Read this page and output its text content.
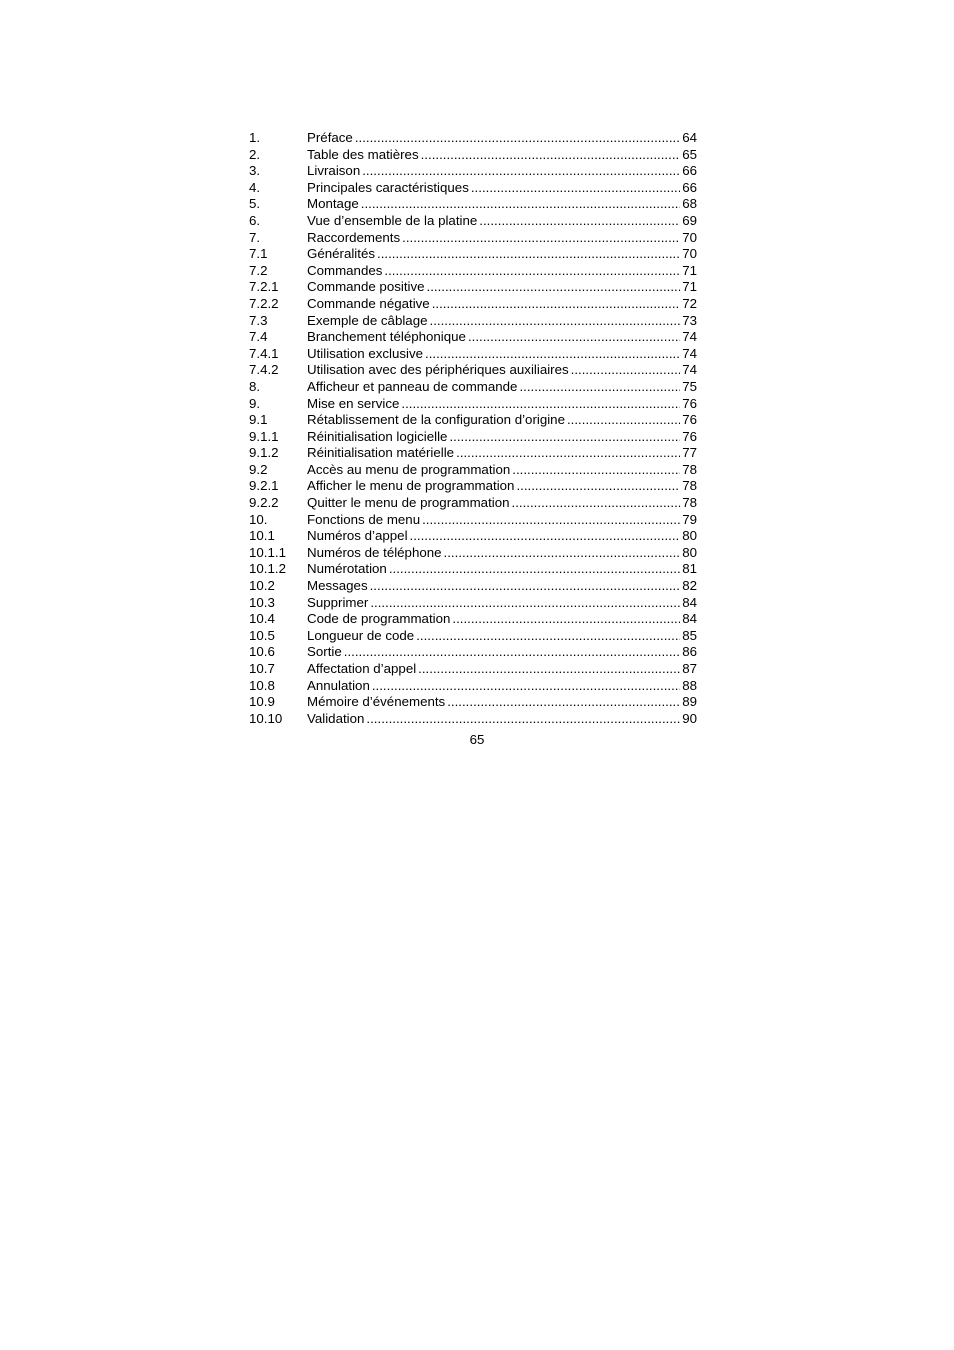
1.	Préface .....	64
2.	Table des matières .....	65
3.	Livraison .....	66
4.	Principales caractéristiques .....	66
5.	Montage .....	68
6.	Vue d’ensemble de la platine .....	69
7.	Raccordements .....	70
7.1	Généralités .....	70
7.2	Commandes .....	71
7.2.1	Commande positive .....	71
7.2.2	Commande négative .....	72
7.3	Exemple de câblage .....	73
7.4	Branchement téléphonique .....	74
7.4.1	Utilisation exclusive .....	74
7.4.2	Utilisation avec des périphériques auxiliaires .....	74
8.	Afficheur et panneau de commande .....	75
9.	Mise en service .....	76
9.1	Rétablissement de la configuration d’origine .....	76
9.1.1	Réinitialisation logicielle .....	76
9.1.2	Réinitialisation matérielle .....	77
9.2	Accès au menu de programmation .....	78
9.2.1	Afficher le menu de programmation .....	78
9.2.2	Quitter le menu de programmation .....	78
10.	Fonctions de menu .....	79
10.1	Numéros d’appel .....	80
10.1.1	Numéros de téléphone .....	80
10.1.2	Numérotation .....	81
10.2	Messages .....	82
10.3	Supprimer .....	84
10.4	Code de programmation .....	84
10.5	Longueur de code .....	85
10.6	Sortie .....	86
10.7	Affectation d’appel .....	87
10.8	Annulation .....	88
10.9	Mémoire d’événements .....	89
10.10	Validation .....	90
65
